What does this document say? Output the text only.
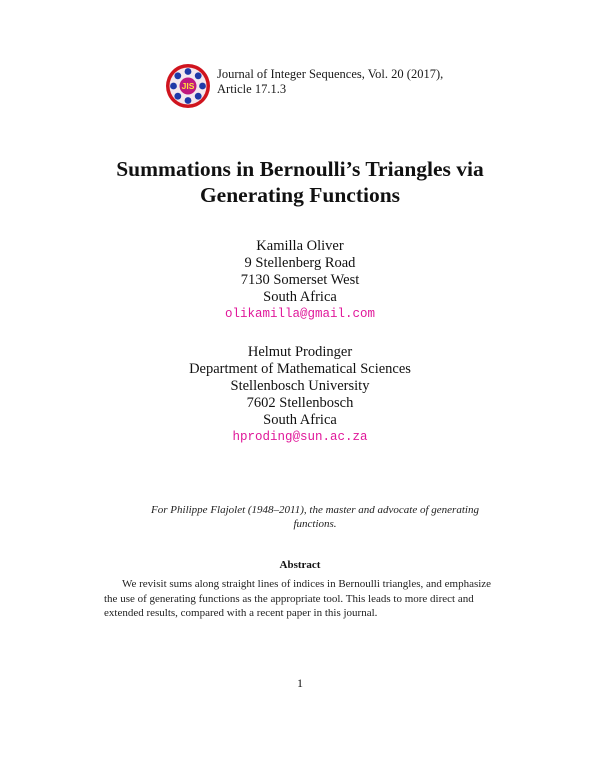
JIS
Journal of Integer Sequences, Vol. 20 (2017),
Article 17.1.3
Summations in Bernoulli’s Triangles via
Generating Functions
Kamilla Oliver
9 Stellenberg Road
7130 Somerset West
South Africa
olikamilla@gmail.com
Helmut Prodinger
Department of Mathematical Sciences
Stellenbosch University
7602 Stellenbosch
South Africa
hproding@sun.ac.za
For Philippe Flajolet (1948–2011), the master and advocate of generating
functions.
Abstract
We revisit sums along straight lines of indices in Bernoulli triangles, and emphasize
the use of generating functions as the appropriate tool. This leads to more direct and
extended results, compared with a recent paper in this journal.
1
